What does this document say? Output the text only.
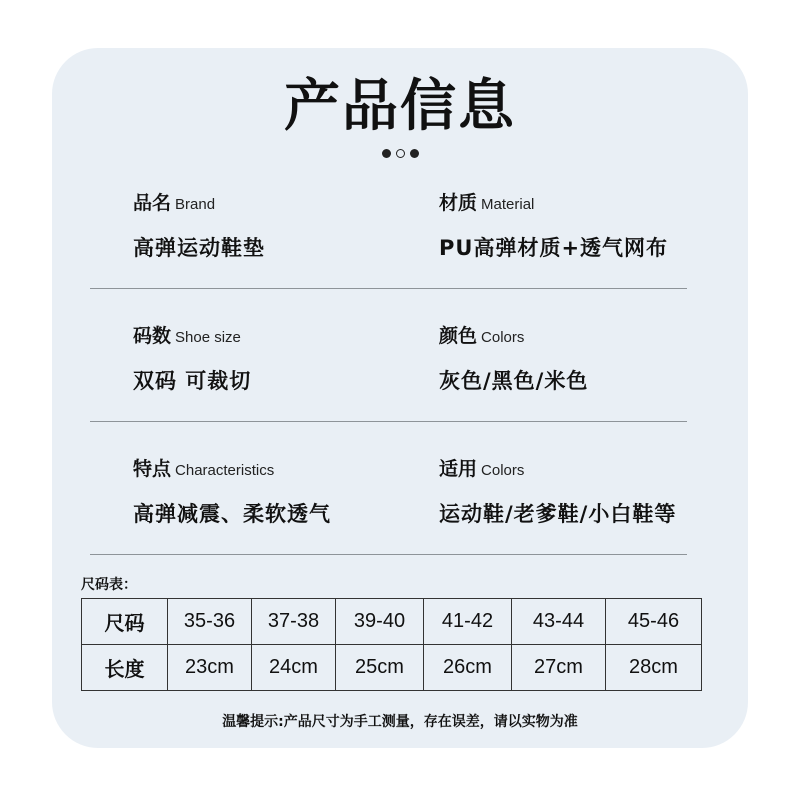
产品信息
品名 Brand
高弹运动鞋垫
材质 Material
PU高弹材质+透气网布
码数 Shoe size
双码 可裁切
颜色 Colors
灰色/黑色/米色
特点 Characteristics
高弹减震、柔软透气
适用 Colors
运动鞋/老爹鞋/小白鞋等
尺码表：
尺码	35-36	37-38	39-40	41-42	43-44	45-46
长度	23cm	24cm	25cm	26cm	27cm	28cm
温馨提示:产品尺寸为手工测量，存在误差，请以实物为准
